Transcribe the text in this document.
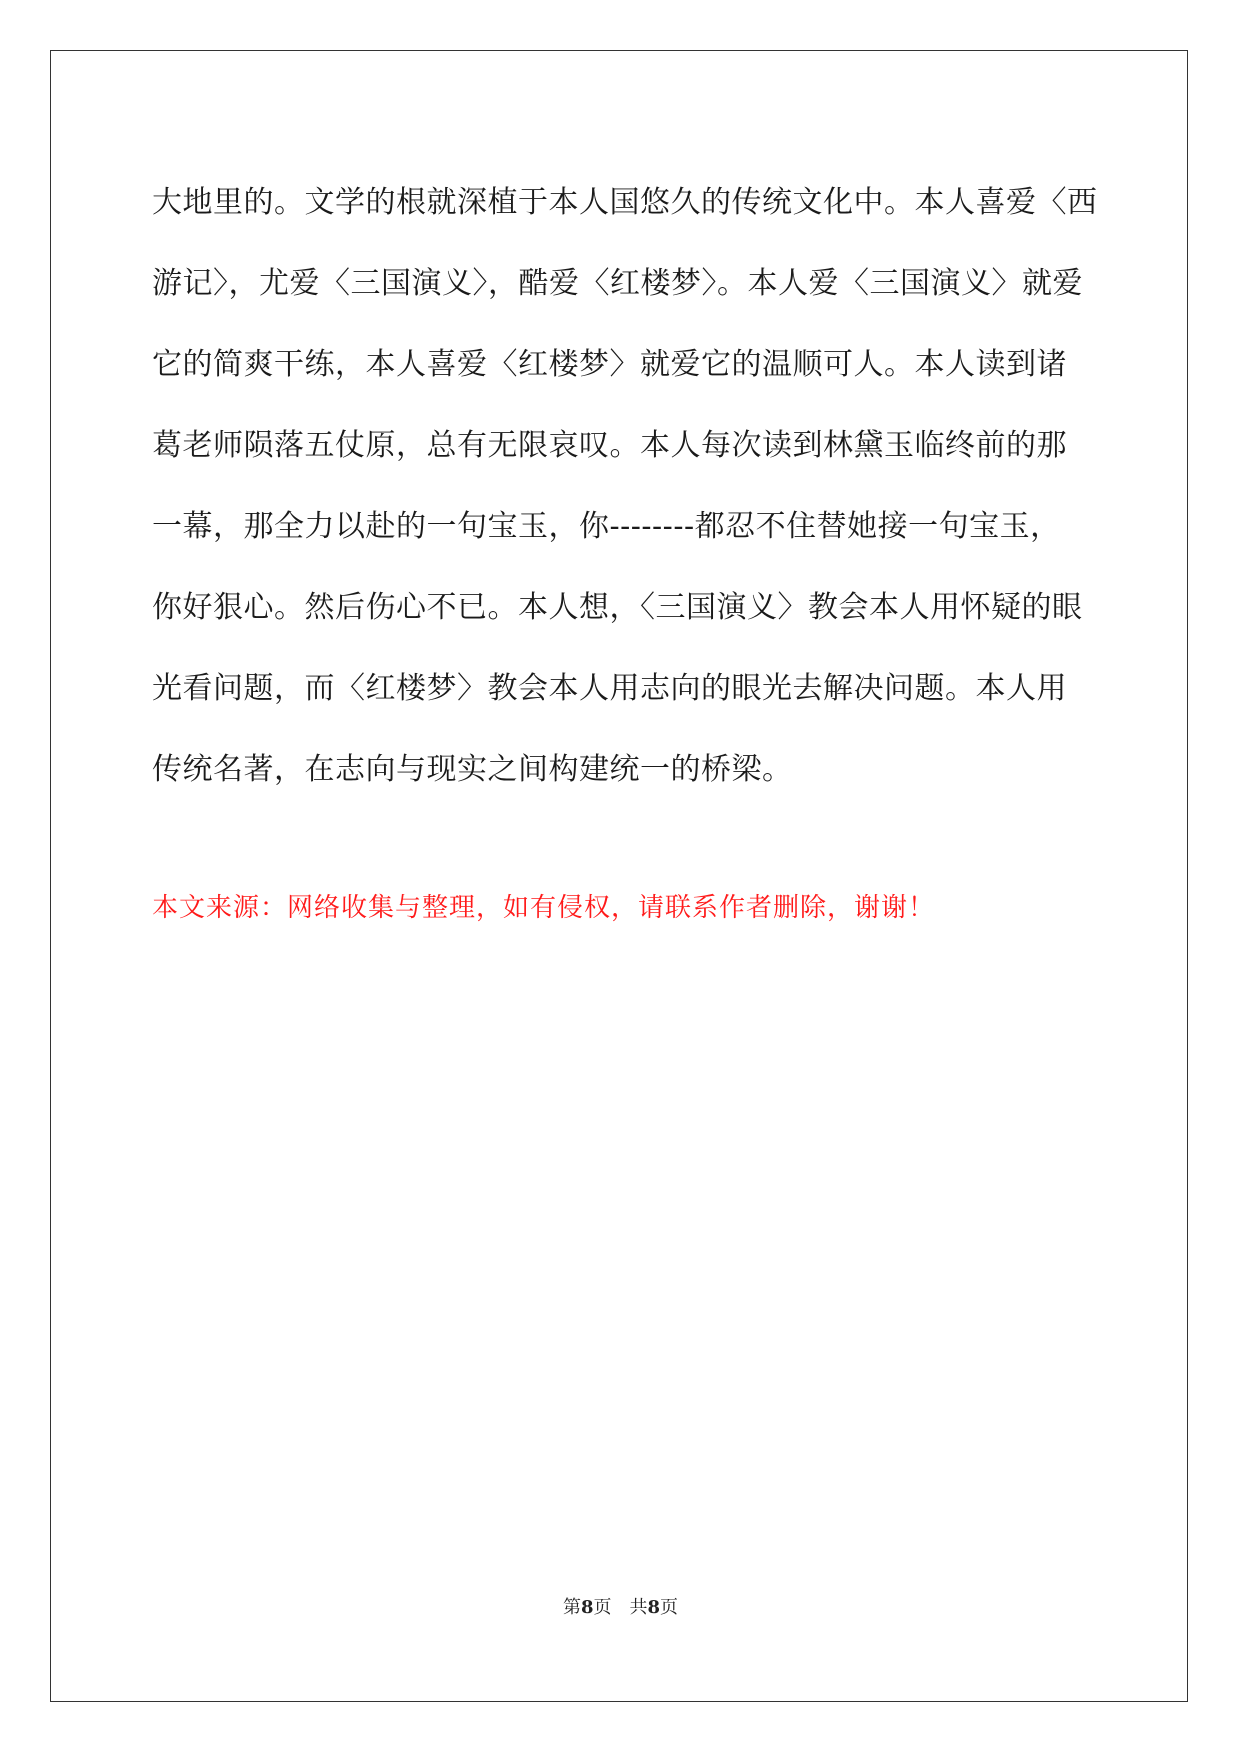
大地里的。文学的根就深植于本人国悠久的传统文化中。本人喜爱〈西
游记〉，尤爱〈三国演义〉，酷爱〈红楼梦〉。本人爱〈三国演义〉就爱
它的简爽干练，本人喜爱〈红楼梦〉就爱它的温顺可人。本人读到诸
葛老师陨落五仗原，总有无限哀叹。本人每次读到林黛玉临终前的那
一幕，那全力以赴的一句宝玉，你--------都忍不住替她接一句宝玉，
你好狠心。然后伤心不已。本人想，〈三国演义〉教会本人用怀疑的眼
光看问题，而〈红楼梦〉教会本人用志向的眼光去解决问题。本人用
传统名著，在志向与现实之间构建统一的桥梁。
本文来源：网络收集与整理，如有侵权，请联系作者删除，谢谢！
第8页 共8页
